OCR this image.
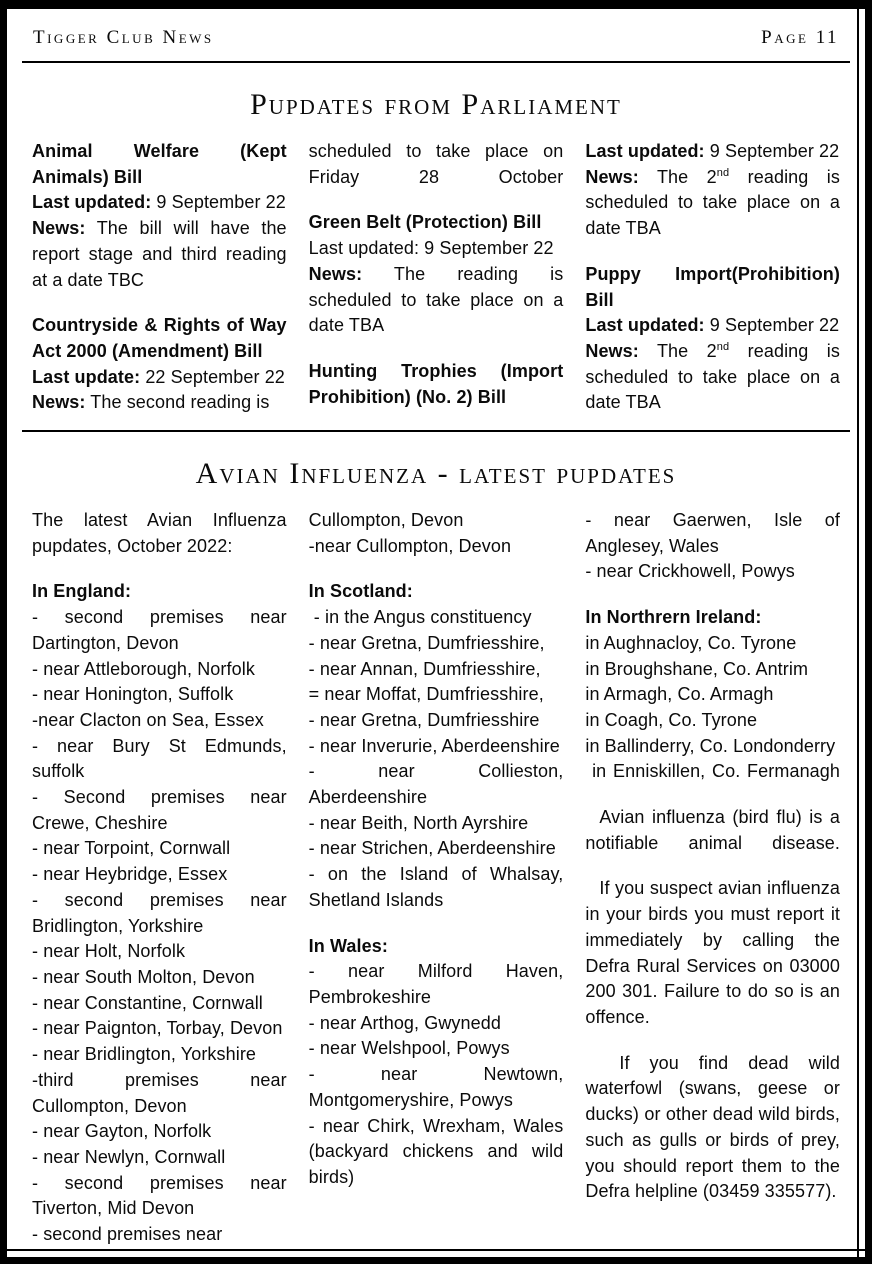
Tigger Club News	Page 11
Pupdates from Parliament
Animal Welfare (Kept Animals) Bill
Last updated: 9 September 22
News: The bill will have the report stage and third reading at a date TBC
Countryside & Rights of Way Act 2000 (Amendment) Bill
Last update: 22 September 22
News: The second reading is
scheduled to take place on Friday 28 October
Green Belt (Protection) Bill
Last updated: 9 September 22
News: The reading is scheduled to take place on a date TBA
Hunting Trophies (Import Prohibition) (No. 2) Bill
Last updated: 9 September 22
News: The 2nd reading is scheduled to take place on a date TBA
Puppy Import(Prohibition) Bill
Last updated: 9 September 22
News: The 2nd reading is scheduled to take place on a date TBA
Avian Influenza - latest pupdates
The latest Avian Influenza pupdates, October 2022:
In England:
- second premises near Dartington, Devon
- near Attleborough, Norfolk
- near Honington, Suffolk
-near Clacton on Sea, Essex
- near Bury St Edmunds, suffolk
- Second premises near Crewe, Cheshire
- near Torpoint, Cornwall
- near Heybridge, Essex
- second premises near Bridlington, Yorkshire
- near Holt, Norfolk
- near South Molton, Devon
- near Constantine, Cornwall
- near Paignton, Torbay, Devon
- near Bridlington, Yorkshire
-third premises near Cullompton, Devon
- near Gayton, Norfolk
- near Newlyn, Cornwall
- second premises near Tiverton, Mid Devon
- second premises near
Cullompton, Devon
-near Cullompton, Devon
In Scotland:
- in the Angus constituency
- near Gretna, Dumfriesshire,
- near Annan, Dumfriesshire,
= near Moffat, Dumfriesshire,
- near Gretna, Dumfriesshire
- near Inverurie, Aberdeenshire
- near Collieston, Aberdeenshire
- near Beith, North Ayrshire
- near Strichen, Aberdeenshire
- on the Island of Whalsay, Shetland Islands
In Wales:
- near Milford Haven, Pembrokeshire
- near Arthog, Gwynedd
- near Welshpool, Powys
- near Newtown, Montgomeryshire, Powys
- near Chirk, Wrexham, Wales (backyard chickens and wild birds)
- near Gaerwen, Isle of Anglesey, Wales
- near Crickhowell, Powys
In Northrern Ireland:
in Aughnacloy, Co. Tyrone
in Broughshane, Co. Antrim
in Armagh, Co. Armagh
in Coagh, Co. Tyrone
in Ballinderry, Co. Londonderry
in Enniskillen, Co. Fermanagh
Avian influenza (bird flu) is a notifiable animal disease.
If you suspect avian influenza in your birds you must report it immediately by calling the Defra Rural Services on 03000 200 301. Failure to do so is an offence.
If you find dead wild waterfowl (swans, geese or ducks) or other dead wild birds, such as gulls or birds of prey, you should report them to the Defra helpline (03459 335577).
